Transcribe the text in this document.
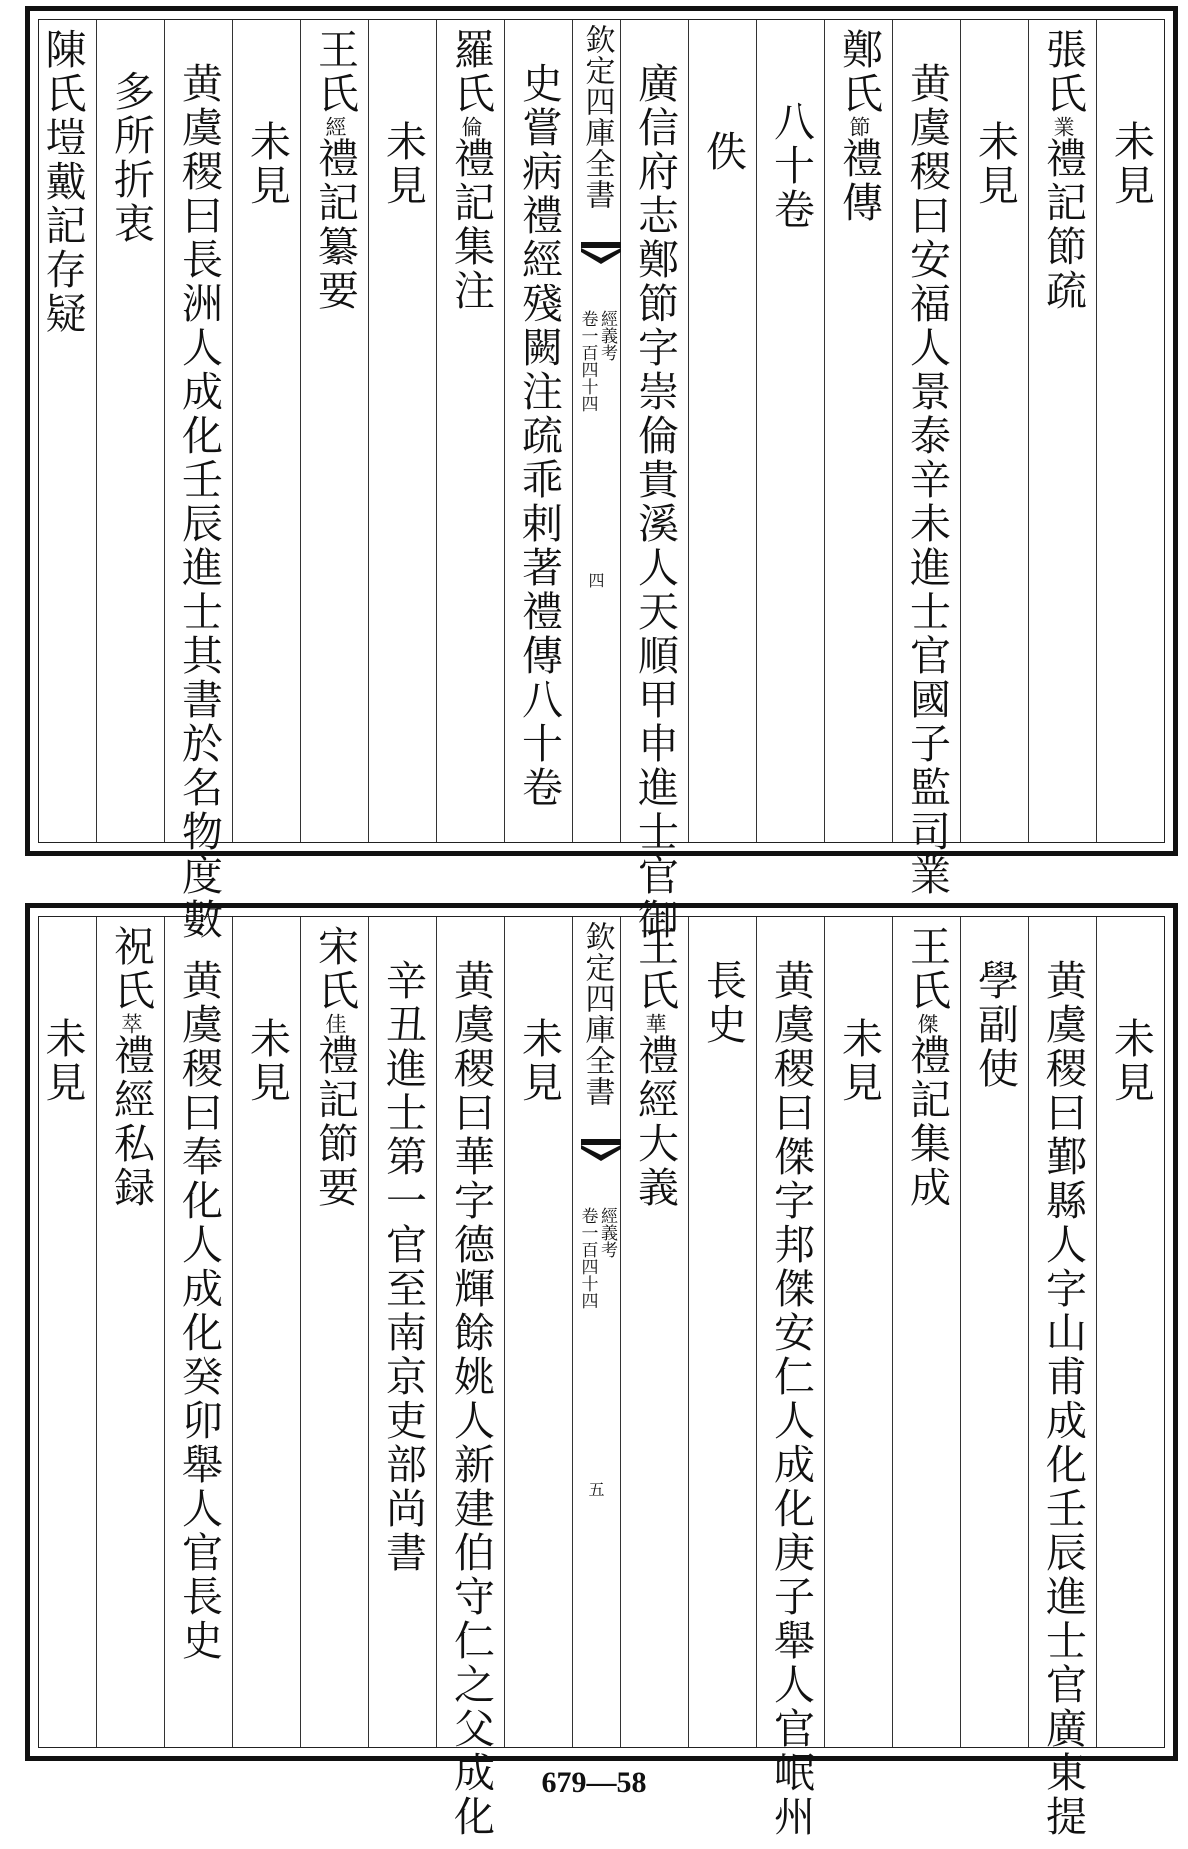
未見
張氏業禮記節疏
未見
黄虞稷曰安福人景泰辛未進士官國子監司業
鄭氏節禮傳
八十卷
佚
廣信府志鄭節字崇倫貴溪人天順甲申進士官御
欽定四庫全書
經義考
卷一百四十四
四
史嘗病禮經殘闕注疏乖剌著禮傳八十卷
羅氏倫禮記集注
未見
王氏經禮記纂要
未見
黄虞稷曰長洲人成化壬辰進士其書於名物度數
多所折衷
陳氏塏戴記存疑
未見
黄虞稷曰鄞縣人字山甫成化壬辰進士官廣東提
學副使
王氏傑禮記集成
未見
黄虞稷曰傑字邦傑安仁人成化庚子舉人官岷州
長史
王氏華禮經大義
欽定四庫全書
經義考
卷一百四十四
五
未見
黄虞稷曰華字德輝餘姚人新建伯守仁之父成化
辛丑進士第一官至南京吏部尚書
宋氏佳禮記節要
未見
黄虞稷曰奉化人成化癸卯舉人官長史
祝氏萃禮經私録
未見
679—58
